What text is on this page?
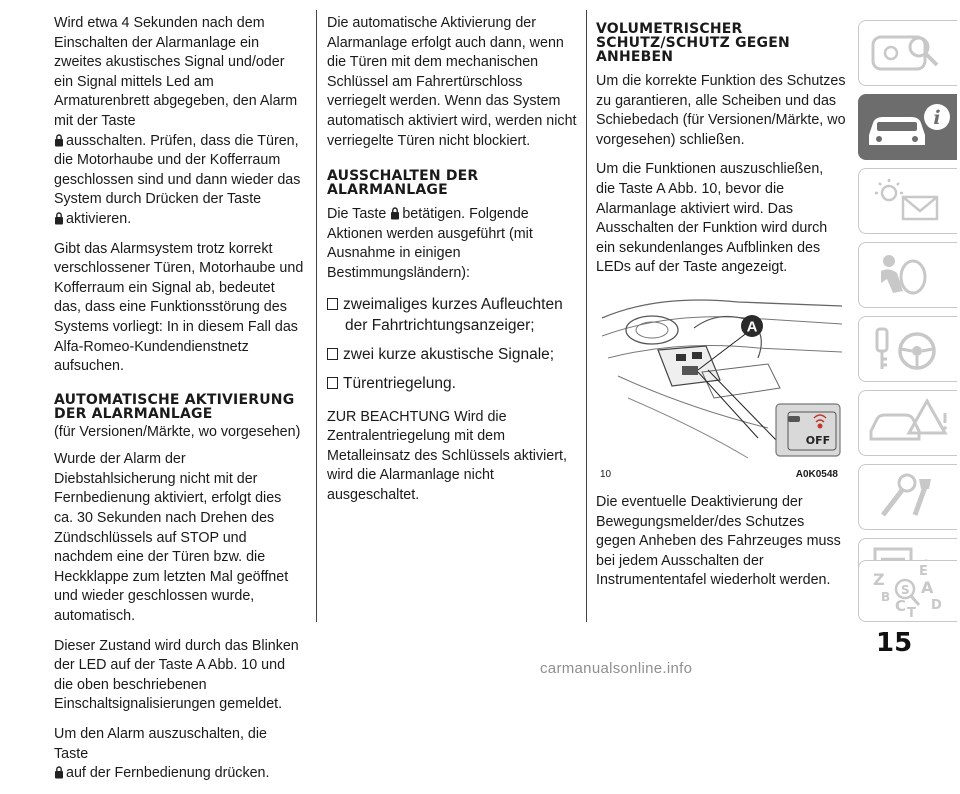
Wird etwa 4 Sekunden nach dem Einschalten der Alarmanlage ein zweites akustisches Signal und/oder ein Signal mittels Led am Armaturenbrett abgegeben, den Alarm mit der Taste
ausschalten. Prüfen, dass die Türen, die Motorhaube und der Kofferraum geschlossen sind und dann wieder das System durch Drücken der Taste
aktivieren.

Gibt das Alarmsystem trotz korrekt verschlossener Türen, Motorhaube und Kofferraum ein Signal ab, bedeutet das, dass eine Funktionsstörung des Systems vorliegt: In in diesem Fall das Alfa-Romeo-Kundendienstnetz aufsuchen.

AUTOMATISCHE AKTIVIERUNG DER ALARMANLAGE

(für Versionen/Märkte, wo vorgesehen)

Wurde der Alarm der Diebstahlsicherung nicht mit der Fernbedienung aktiviert, erfolgt dies ca. 30 Sekunden nach Drehen des Zündschlüssels auf STOP und nachdem eine der Türen bzw. die Heckklappe zum letzten Mal geöffnet und wieder geschlossen wurde, automatisch.

Dieser Zustand wird durch das Blinken der LED auf der Taste A Abb. 10 und die oben beschriebenen Einschaltsignalisierungen gemeldet.

Um den Alarm auszuschalten, die Taste
auf der Fernbedienung drücken.

Die automatische Aktivierung der Alarmanlage erfolgt auch dann, wenn die Türen mit dem mechanischen Schlüssel am Fahrertürschloss verriegelt werden. Wenn das System automatisch aktiviert wird, werden nicht verriegelte Türen nicht blockiert.

AUSSCHALTEN DER ALARMANLAGE

Die Taste betätigen. Folgende Aktionen werden ausgeführt (mit Ausnahme in einigen Bestimmungsländern):

zweimaliges kurzes Aufleuchten der Fahrtrichtungsanzeiger;
zwei kurze akustische Signale;
Türentriegelung.

ZUR BEACHTUNG Wird die Zentralentriegelung mit dem Metalleinsatz des Schlüssels aktiviert, wird die Alarmanlage nicht ausgeschaltet.

VOLUMETRISCHER SCHUTZ/SCHUTZ GEGEN ANHEBEN

Um die korrekte Funktion des Schutzes zu garantieren, alle Scheiben und das Schiebedach (für Versionen/Märkte, wo vorgesehen) schließen.

Um die Funktionen auszuschließen, die Taste A Abb. 10, bevor die Alarmanlage aktiviert wird. Das Ausschalten der Funktion wird durch ein sekundenlanges Aufblinken des LEDs auf der Taste angezeigt.

A
OFF
10	A0K0548

Die eventuelle Deaktivierung der Bewegungsmelder/des Schutzes gegen Anheben des Fahrzeuges muss bei jedem Ausschalten der Instrumententafel wiederholt werden.

i
Z	E
A
B C T
D
S
15
carmanualsonline.info
